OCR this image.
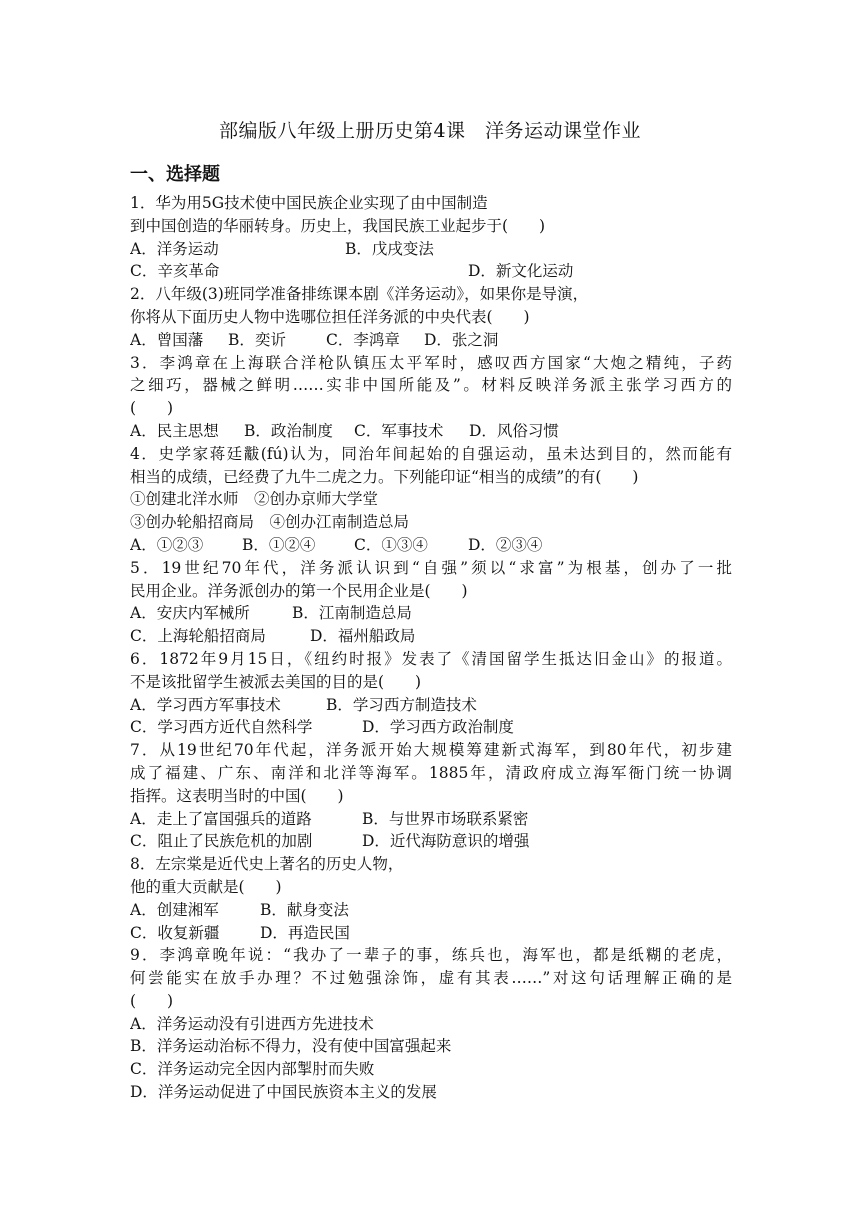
部编版八年级上册历史第4课　洋务运动课堂作业
一、选择题
1．华为用5G技术使中国民族企业实现了由中国制造
到中国创造的华丽转身。历史上，我国民族工业起步于(　　)
A．洋务运动	B．戊戌变法
C．辛亥革命	D．新文化运动
2．八年级(3)班同学准备排练课本剧《洋务运动》，如果你是导演，
你将从下面历史人物中选哪位担任洋务派的中央代表(　　)
A．曾国藩 B．奕䜣	C．李鸿章 D．张之洞
3．李鸿章在上海联合洋枪队镇压太平军时，感叹西方国家“大炮之精纯，子药
之细巧，器械之鲜明……实非中国所能及”。材料反映洋务派主张学习西方的
(　　)
A．民主思想 B．政治制度 C．军事技术 D．风俗习惯
4．史学家蒋廷黻(fú)认为，同治年间起始的自强运动，虽未达到目的，然而能有
相当的成绩，已经费了九牛二虎之力。下列能印证“相当的成绩”的有(　　)
①创建北洋水师　②创办京师大学堂
③创办轮船招商局　④创办江南制造总局
A．①②③	B．①②④ C．①③④	D．②③④
5．19世纪70年代，洋务派认识到“自强”须以“求富”为根基，创办了一批
民用企业。洋务派创办的第一个民用企业是(　　)
A．安庆内军械所	B．江南制造总局
C．上海轮船招商局	D．福州船政局
6．1872年9月15日，《纽约时报》发表了《清国留学生抵达旧金山》的报道。
不是该批留学生被派去美国的目的是(　　)
A．学习西方军事技术	B．学习西方制造技术
C．学习西方近代自然科学	D．学习西方政治制度
7．从19世纪70年代起，洋务派开始大规模筹建新式海军，到80年代，初步建
成了福建、广东、南洋和北洋等海军。1885年，清政府成立海军衙门统一协调
指挥。这表明当时的中国(　　)
A．走上了富国强兵的道路	B．与世界市场联系紧密
C．阻止了民族危机的加剧	D．近代海防意识的增强
8．左宗棠是近代史上著名的历史人物，
他的重大贡献是(　　)
A．创建湘军	B．献身变法
C．收复新疆	D．再造民国
9．李鸿章晚年说：“我办了一辈子的事，练兵也，海军也，都是纸糊的老虎，
何尝能实在放手办理？不过勉强涂饰，虚有其表……”对这句话理解正确的是
(　　)
A．洋务运动没有引进西方先进技术
B．洋务运动治标不得力，没有使中国富强起来
C．洋务运动完全因内部掣肘而失败
D．洋务运动促进了中国民族资本主义的发展
